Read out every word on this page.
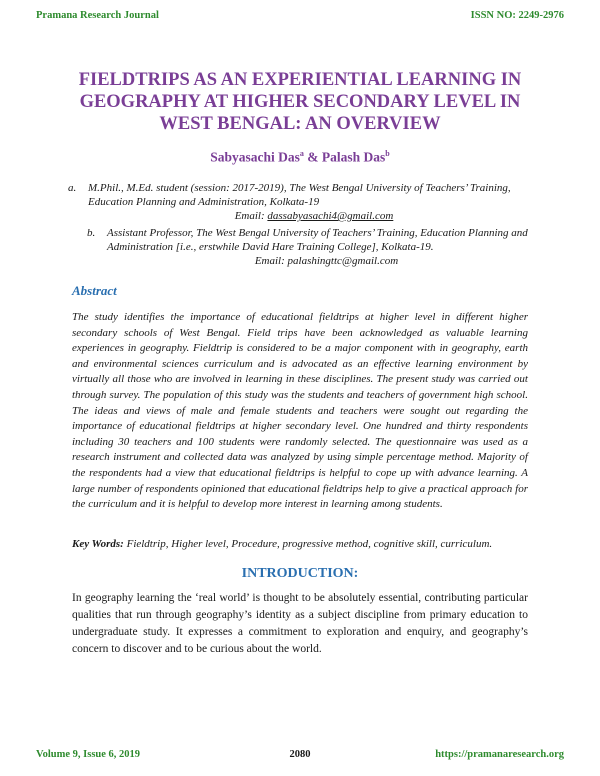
Pramana Research Journal	ISSN NO: 2249-2976
FIELDTRIPS AS AN EXPERIENTIAL LEARNING IN GEOGRAPHY AT HIGHER SECONDARY LEVEL IN WEST BENGAL: AN OVERVIEW
Sabyasachi Das$^a$ & Palash Das$^b$
a. M.Phil., M.Ed. student (session: 2017-2019), The West Bengal University of Teachers’ Training, Education Planning and Administration, Kolkata-19
Email: dassabyasachi4@gmail.com
b. Assistant Professor, The West Bengal University of Teachers’ Training, Education Planning and Administration [i.e., erstwhile David Hare Training College], Kolkata-19.
Email: palashingttc@gmail.com
Abstract
The study identifies the importance of educational fieldtrips at higher level in different higher secondary schools of West Bengal. Field trips have been acknowledged as valuable learning experiences in geography. Fieldtrip is considered to be a major component with in geography, earth and environmental sciences curriculum and is advocated as an effective learning environment by virtually all those who are involved in learning in these disciplines. The present study was carried out through survey. The population of this study was the students and teachers of government high school. The ideas and views of male and female students and teachers were sought out regarding the importance of educational fieldtrips at higher secondary level. One hundred and thirty respondents including 30 teachers and 100 students were randomly selected. The questionnaire was used as a research instrument and collected data was analyzed by using simple percentage method. Majority of the respondents had a view that educational fieldtrips is helpful to cope up with advance learning. A large number of respondents opinioned that educational fieldtrips help to give a practical approach for the curriculum and it is helpful to develop more interest in learning among students.
Key Words: Fieldtrip, Higher level, Procedure, progressive method, cognitive skill, curriculum.
INTRODUCTION:
In geography learning the ‘real world’ is thought to be absolutely essential, contributing particular qualities that run through geography’s identity as a subject discipline from primary education to undergraduate study. It expresses a commitment to exploration and enquiry, and geography’s concern to discover and to be curious about the world.
Volume 9, Issue 6, 2019	2080	https://pramanaresearch.org
